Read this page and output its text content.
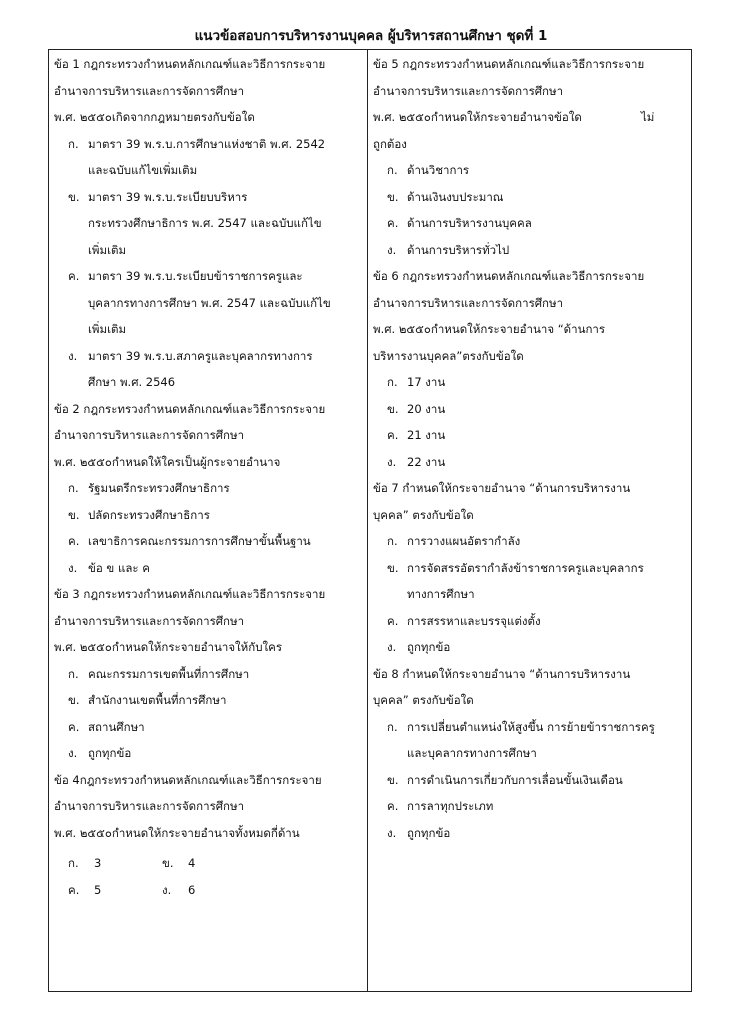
แนวข้อสอบการบริหารงานบุคคล ผู้บริหารสถานศึกษา ชุดที่ 1
ข้อ 1 กฎกระทรวงกำหนดหลักเกณฑ์และวิธีการกระจาย
อำนาจการบริหารและการจัดการศึกษา
พ.ศ. ๒๕๕๐เกิดจากกฎหมายตรงกับข้อใด
ก. มาตรา 39 พ.ร.บ.การศึกษาแห่งชาติ พ.ศ. 2542
และฉบับแก้ไขเพิ่มเติม
ข. มาตรา 39 พ.ร.บ.ระเบียบบริหาร
กระทรวงศึกษาธิการ พ.ศ. 2547 และฉบับแก้ไข
เพิ่มเติม
ค. มาตรา 39 พ.ร.บ.ระเบียบข้าราชการครูและ
บุคลากรทางการศึกษา พ.ศ. 2547 และฉบับแก้ไข
เพิ่มเติม
ง. มาตรา 39 พ.ร.บ.สภาครูและบุคลากรทางการ
ศึกษา พ.ศ. 2546
ข้อ 2 กฎกระทรวงกำหนดหลักเกณฑ์และวิธีการกระจาย
อำนาจการบริหารและการจัดการศึกษา
พ.ศ. ๒๕๕๐กำหนดให้ใครเป็นผู้กระจายอำนาจ
ก. รัฐมนตรีกระทรวงศึกษาธิการ
ข. ปลัดกระทรวงศึกษาธิการ
ค. เลขาธิการคณะกรรมการการศึกษาขั้นพื้นฐาน
ง. ข้อ ข และ ค
ข้อ 3 กฎกระทรวงกำหนดหลักเกณฑ์และวิธีการกระจาย
อำนาจการบริหารและการจัดการศึกษา
พ.ศ. ๒๕๕๐กำหนดให้กระจายอำนาจให้กับใคร
ก. คณะกรรมการเขตพื้นที่การศึกษา
ข. สำนักงานเขตพื้นที่การศึกษา
ค. สถานศึกษา
ง. ถูกทุกข้อ
ข้อ 4กฎกระทรวงกำหนดหลักเกณฑ์และวิธีการกระจาย
อำนาจการบริหารและการจัดการศึกษา
พ.ศ. ๒๕๕๐กำหนดให้กระจายอำนาจทั้งหมดกี่ด้าน
ก. 3	ข. 4
ค. 5	ง. 6
ข้อ 5 กฎกระทรวงกำหนดหลักเกณฑ์และวิธีการกระจาย
อำนาจการบริหารและการจัดการศึกษา
พ.ศ. ๒๕๕๐กำหนดให้กระจายอำนาจข้อใด	ไม่
ถูกต้อง
ก. ด้านวิชาการ
ข. ด้านเงินงบประมาณ
ค. ด้านการบริหารงานบุคคล
ง. ด้านการบริหารทั่วไป
ข้อ 6 กฎกระทรวงกำหนดหลักเกณฑ์และวิธีการกระจาย
อำนาจการบริหารและการจัดการศึกษา
พ.ศ. ๒๕๕๐กำหนดให้กระจายอำนาจ “ด้านการ
บริหารงานบุคคล”ตรงกับข้อใด
ก. 17 งาน
ข. 20 งาน
ค. 21 งาน
ง. 22 งาน
ข้อ 7 กำหนดให้กระจายอำนาจ “ด้านการบริหารงาน
บุคคล” ตรงกับข้อใด
ก. การวางแผนอัตรากำลัง
ข. การจัดสรรอัตรากำลังข้าราชการครูและบุคลากร
ทางการศึกษา
ค. การสรรหาและบรรจุแต่งตั้ง
ง. ถูกทุกข้อ
ข้อ 8 กำหนดให้กระจายอำนาจ “ด้านการบริหารงาน
บุคคล” ตรงกับข้อใด
ก. การเปลี่ยนตำแหน่งให้สูงขึ้น การย้ายข้าราชการครู
และบุคลากรทางการศึกษา
ข. การดำเนินการเกี่ยวกับการเลื่อนขั้นเงินเดือน
ค. การลาทุกประเภท
ง. ถูกทุกข้อ
